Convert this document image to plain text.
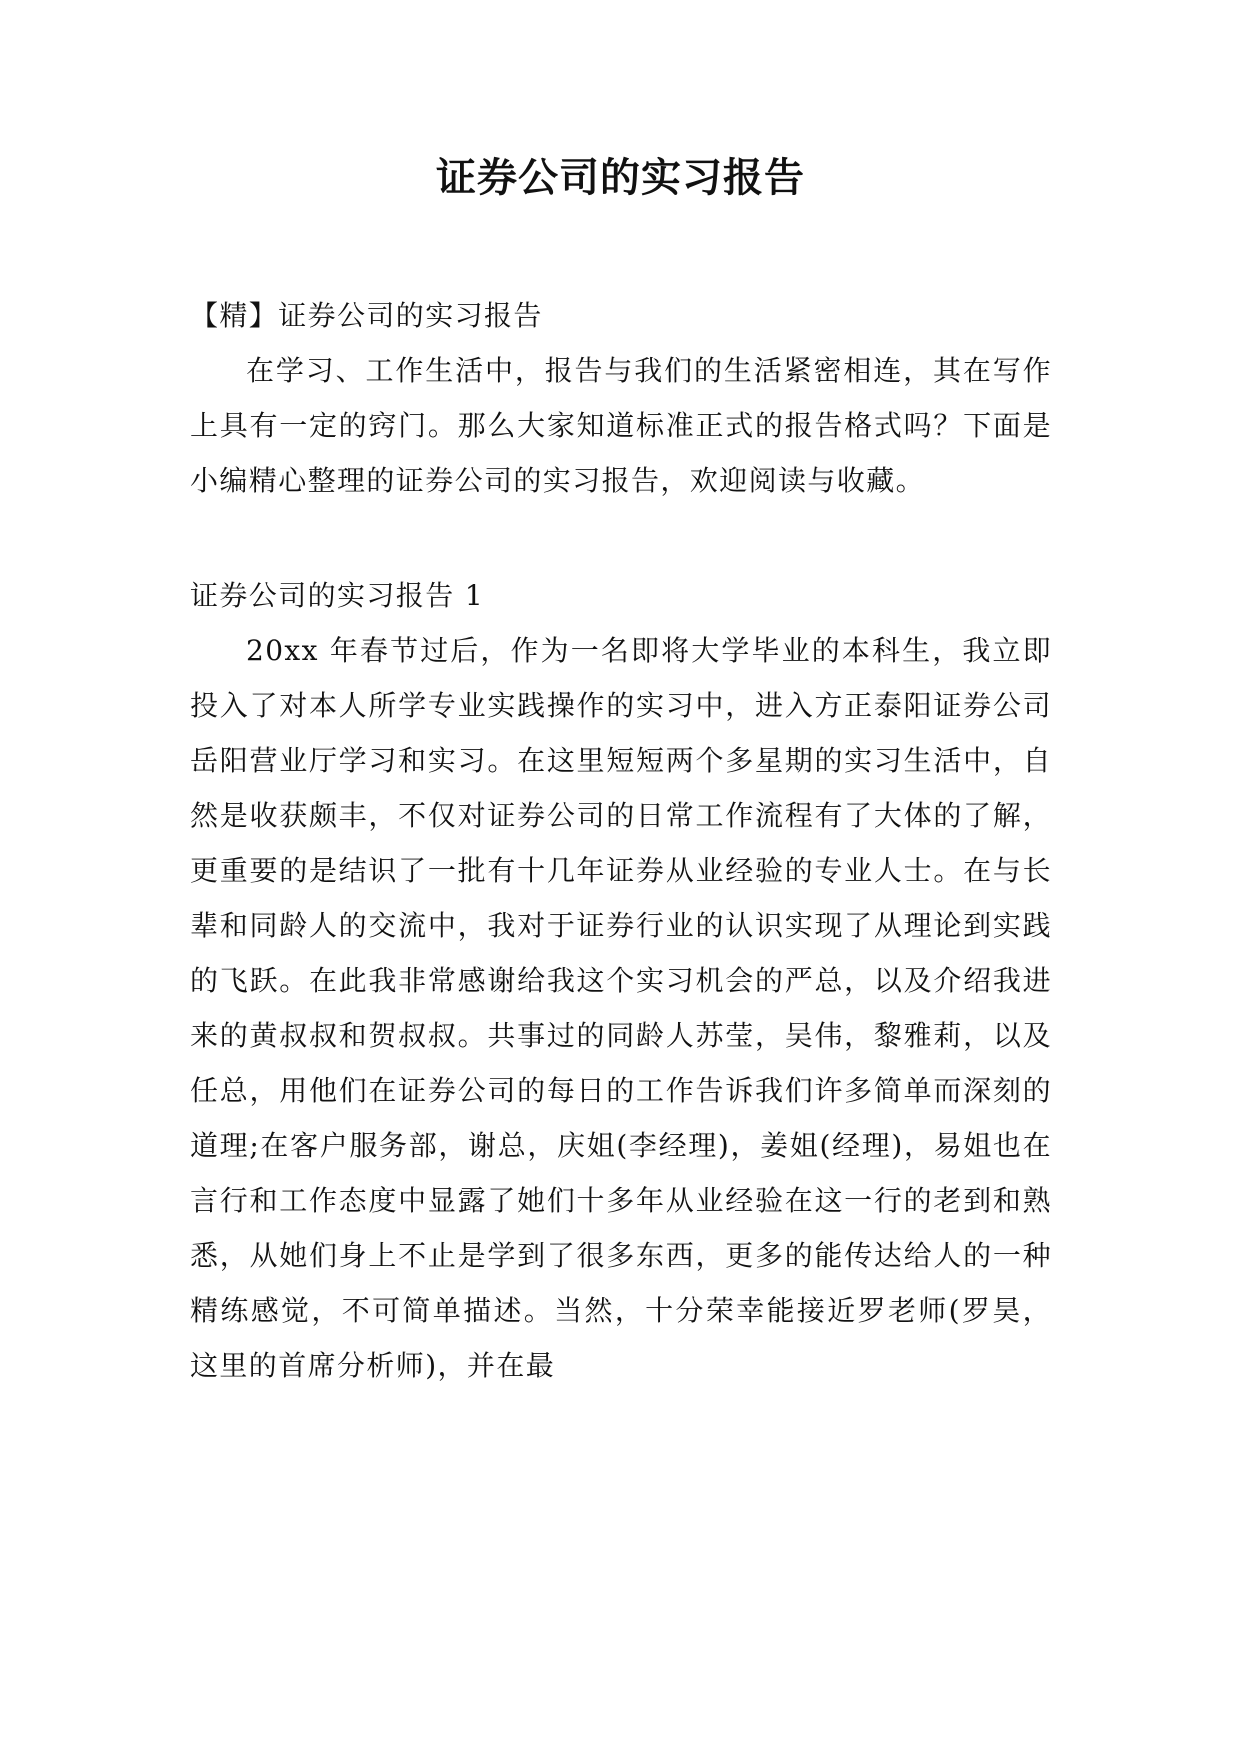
证券公司的实习报告

【精】证券公司的实习报告

在学习、工作生活中，报告与我们的生活紧密相连，其在写作上具有一定的窍门。那么大家知道标准正式的报告格式吗？下面是小编精心整理的证券公司的实习报告，欢迎阅读与收藏。

证券公司的实习报告 1

20xx 年春节过后，作为一名即将大学毕业的本科生，我立即投入了对本人所学专业实践操作的实习中，进入方正泰阳证券公司岳阳营业厅学习和实习。在这里短短两个多星期的实习生活中，自然是收获颇丰，不仅对证券公司的日常工作流程有了大体的了解，更重要的是结识了一批有十几年证券从业经验的专业人士。在与长辈和同龄人的交流中，我对于证券行业的认识实现了从理论到实践的飞跃。在此我非常感谢给我这个实习机会的严总，以及介绍我进来的黄叔叔和贺叔叔。共事过的同龄人苏莹，吴伟，黎雅莉，以及任总，用他们在证券公司的每日的工作告诉我们许多简单而深刻的道理;在客户服务部，谢总，庆姐(李经理)，姜姐(经理)，易姐也在言行和工作态度中显露了她们十多年从业经验在这一行的老到和熟悉，从她们身上不止是学到了很多东西，更多的能传达给人的一种精练感觉，不可简单描述。当然，十分荣幸能接近罗老师(罗昊，这里的首席分析师)，并在最
